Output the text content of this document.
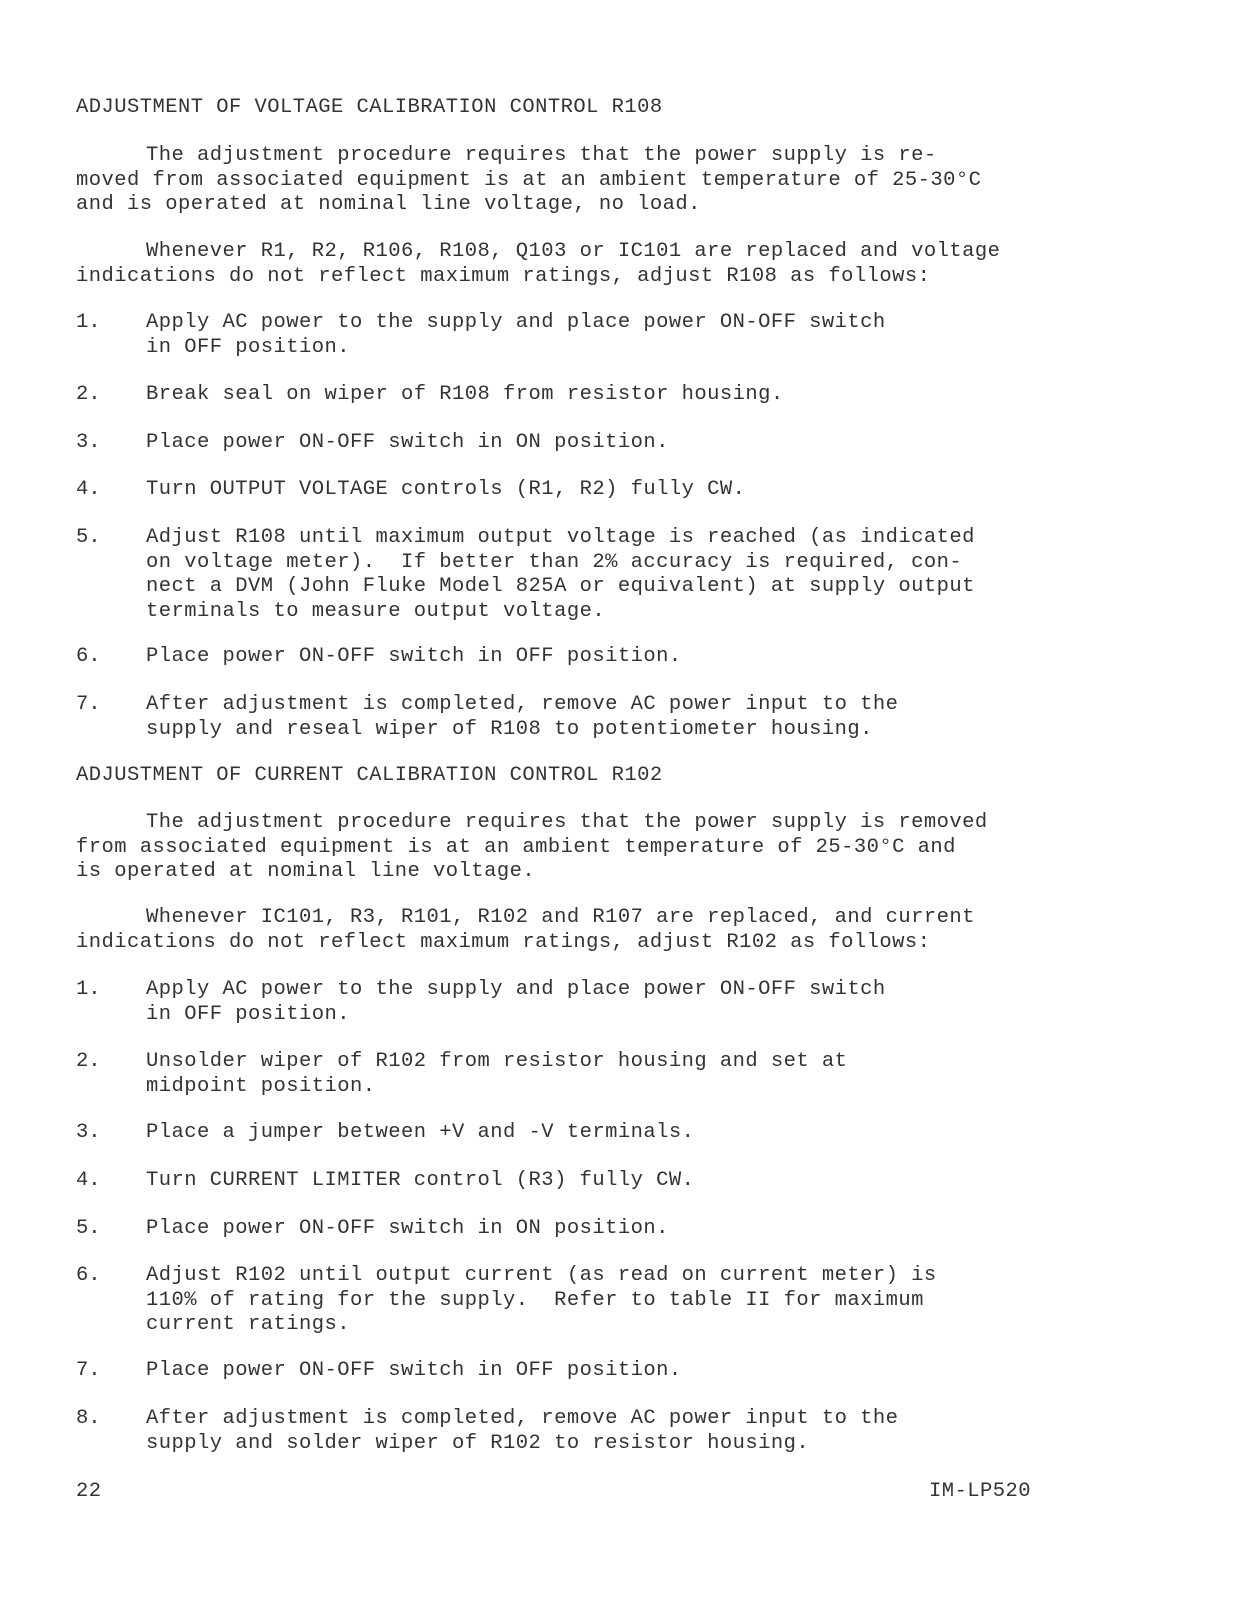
ADJUSTMENT OF VOLTAGE CALIBRATION CONTROL R108
The adjustment procedure requires that the power supply is re-
moved from associated equipment is at an ambient temperature of 25-30°C
and is operated at nominal line voltage, no load.
Whenever R1, R2, R106, R108, Q103 or IC101 are replaced and voltage
indications do not reflect maximum ratings, adjust R108 as follows:
1. Apply AC power to the supply and place power ON-OFF switch
in OFF position.
2. Break seal on wiper of R108 from resistor housing.
3. Place power ON-OFF switch in ON position.
4. Turn OUTPUT VOLTAGE controls (R1, R2) fully CW.
5. Adjust R108 until maximum output voltage is reached (as indicated
on voltage meter).  If better than 2% accuracy is required, con-
nect a DVM (John Fluke Model 825A or equivalent) at supply output
terminals to measure output voltage.
6. Place power ON-OFF switch in OFF position.
7. After adjustment is completed, remove AC power input to the
supply and reseal wiper of R108 to potentiometer housing.
ADJUSTMENT OF CURRENT CALIBRATION CONTROL R102
The adjustment procedure requires that the power supply is removed
from associated equipment is at an ambient temperature of 25-30°C and
is operated at nominal line voltage.
Whenever IC101, R3, R101, R102 and R107 are replaced, and current
indications do not reflect maximum ratings, adjust R102 as follows:
1. Apply AC power to the supply and place power ON-OFF switch
in OFF position.
2. Unsolder wiper of R102 from resistor housing and set at
midpoint position.
3. Place a jumper between +V and -V terminals.
4. Turn CURRENT LIMITER control (R3) fully CW.
5. Place power ON-OFF switch in ON position.
6. Adjust R102 until output current (as read on current meter) is
110% of rating for the supply.  Refer to table II for maximum
current ratings.
7. Place power ON-OFF switch in OFF position.
8. After adjustment is completed, remove AC power input to the
supply and solder wiper of R102 to resistor housing.
22	IM-LP520
